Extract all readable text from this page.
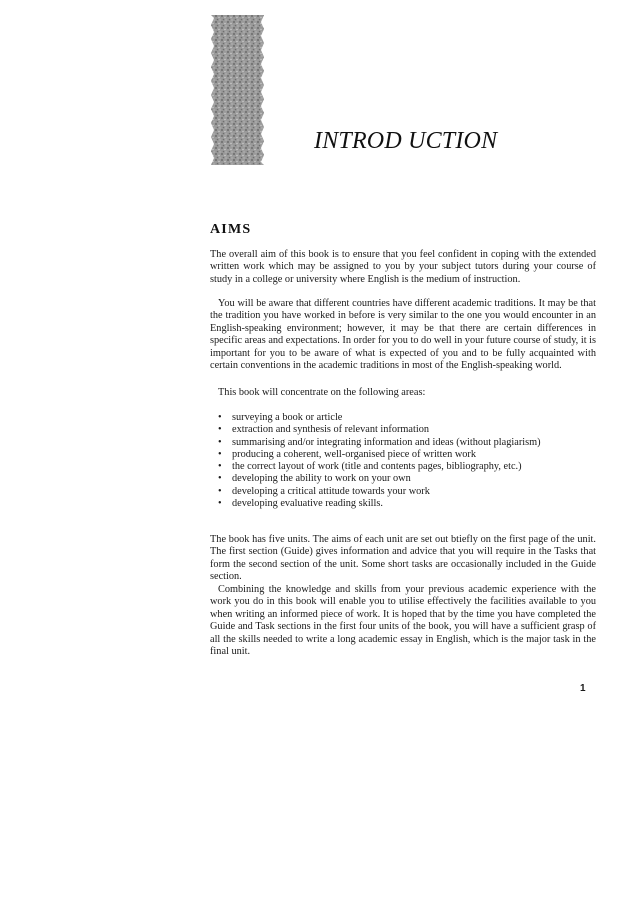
INTROD UCTION
AIMS

The overall aim of this book is to ensure that you feel confident in coping with the extended written work which may be assigned to you by your subject tutors during your course of study in a college or university where English is the medium of instruction.

You will be aware that different countries have different academic traditions. It may be that the tradition you have worked in before is very similar to the one you would encounter in an English-speaking environment; however, it may be that there are certain differences in specific areas and expectations. In order for you to do well in your future course of study, it is important for you to be aware of what is expected of you and to be fully acquainted with certain conventions in the academic traditions in most of the English-speaking world.

This book will concentrate on the following areas:

• surveying a book or article
• extraction and synthesis of relevant information
• summarising and/or integrating information and ideas (without plagiarism)
• producing a coherent, well-organised piece of written work
• the correct layout of work (title and contents pages, bibliography, etc.)
• developing the ability to work on your own
• developing a critical attitude towards your work
• developing evaluative reading skills.

The book has five units. The aims of each unit are set out btiefly on the first page of the unit. The first section (Guide) gives information and advice that you will require in the Tasks that form the second section of the unit. Some short tasks are occasionally included in the Guide section.

Combining the knowledge and skills from your previous academic experience with the work you do in this book will enable you to utilise effectively the facilities available to you when writing an informed piece of work. It is hoped that by the time you have completed the Guide and Task sections in the first four units of the book, you will have a sufficient grasp of all the skills needed to write a long academic essay in English, which is the major task in the final unit.

1
